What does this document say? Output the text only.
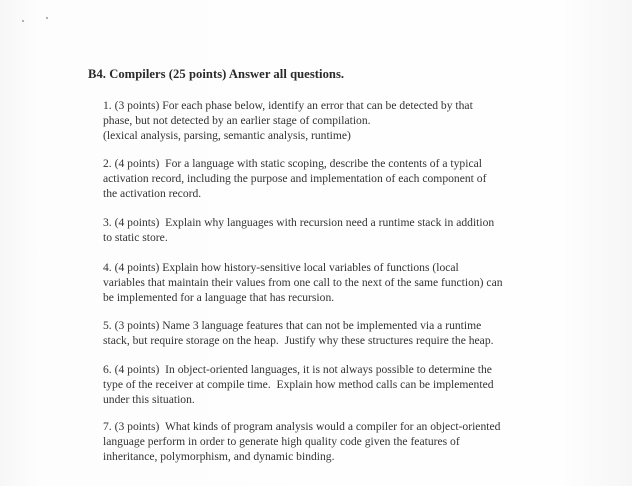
B4. Compilers (25 points) Answer all questions.
1. (3 points) For each phase below, identify an error that can be detected by that
phase, but not detected by an earlier stage of compilation.
(lexical analysis, parsing, semantic analysis, runtime)
2. (4 points)  For a language with static scoping, describe the contents of a typical
activation record, including the purpose and implementation of each component of
the activation record.
3. (4 points)  Explain why languages with recursion need a runtime stack in addition
to static store.
4. (4 points) Explain how history-sensitive local variables of functions (local
variables that maintain their values from one call to the next of the same function) can
be implemented for a language that has recursion.
5. (3 points) Name 3 language features that can not be implemented via a runtime
stack, but require storage on the heap.  Justify why these structures require the heap.
6. (4 points)  In object-oriented languages, it is not always possible to determine the
type of the receiver at compile time.  Explain how method calls can be implemented
under this situation.
7. (3 points)  What kinds of program analysis would a compiler for an object-oriented
language perform in order to generate high quality code given the features of
inheritance, polymorphism, and dynamic binding.
